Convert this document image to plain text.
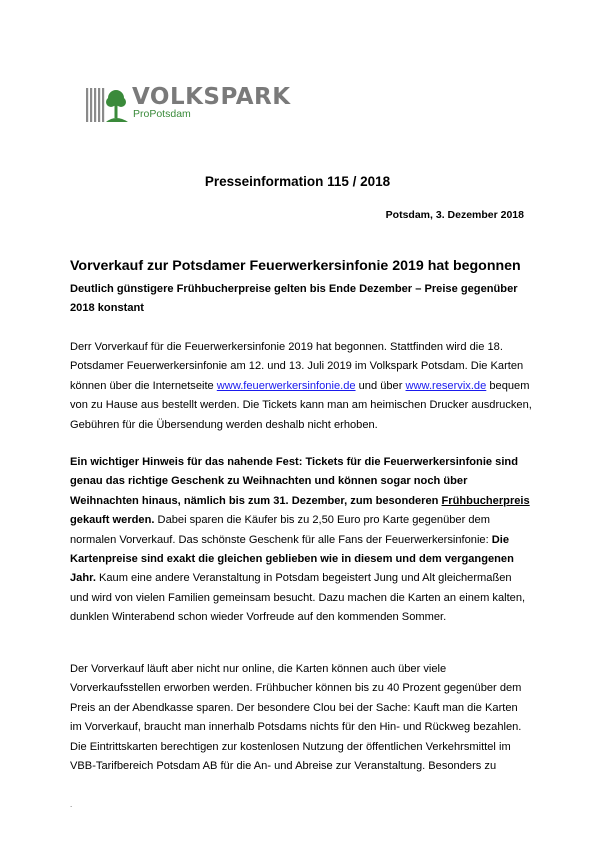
VOLKSPARK
ProPotsdam
Presseinformation 115 / 2018
Potsdam, 3. Dezember 2018
Vorverkauf zur Potsdamer Feuerwerkersinfonie 2019 hat begonnen
Deutlich günstigere Frühbucherpreise gelten bis Ende Dezember – Preise gegenüber 2018 konstant
Derr Vorverkauf für die Feuerwerkersinfonie 2019 hat begonnen. Stattfinden wird die 18. Potsdamer Feuerwerkersinfonie am 12. und 13. Juli 2019 im Volkspark Potsdam. Die Karten können über die Internetseite www.feuerwerkersinfonie.de und über www.reservix.de bequem von zu Hause aus bestellt werden. Die Tickets kann man am heimischen Drucker ausdrucken, Gebühren für die Übersendung werden deshalb nicht erhoben.
Ein wichtiger Hinweis für das nahende Fest: Tickets für die Feuerwerkersinfonie sind genau das richtige Geschenk zu Weihnachten und können sogar noch über Weihnachten hinaus, nämlich bis zum 31. Dezember, zum besonderen Frühbucherpreis gekauft werden. Dabei sparen die Käufer bis zu 2,50 Euro pro Karte gegenüber dem normalen Vorverkauf. Das schönste Geschenk für alle Fans der Feuerwerkersinfonie: Die Kartenpreise sind exakt die gleichen geblieben wie in diesem und dem vergangenen Jahr. Kaum eine andere Veranstaltung in Potsdam begeistert Jung und Alt gleichermaßen und wird von vielen Familien gemeinsam besucht. Dazu machen die Karten an einem kalten, dunklen Winterabend schon wieder Vorfreude auf den kommenden Sommer.
Der Vorverkauf läuft aber nicht nur online, die Karten können auch über viele Vorverkaufsstellen erworben werden. Frühbucher können bis zu 40 Prozent gegenüber dem Preis an der Abendkasse sparen. Der besondere Clou bei der Sache: Kauft man die Karten im Vorverkauf, braucht man innerhalb Potsdams nichts für den Hin- und Rückweg bezahlen. Die Eintrittskarten berechtigen zur kostenlosen Nutzung der öffentlichen Verkehrsmittel im VBB-Tarifbereich Potsdam AB für die An- und Abreise zur Veranstaltung. Besonders zu
.
